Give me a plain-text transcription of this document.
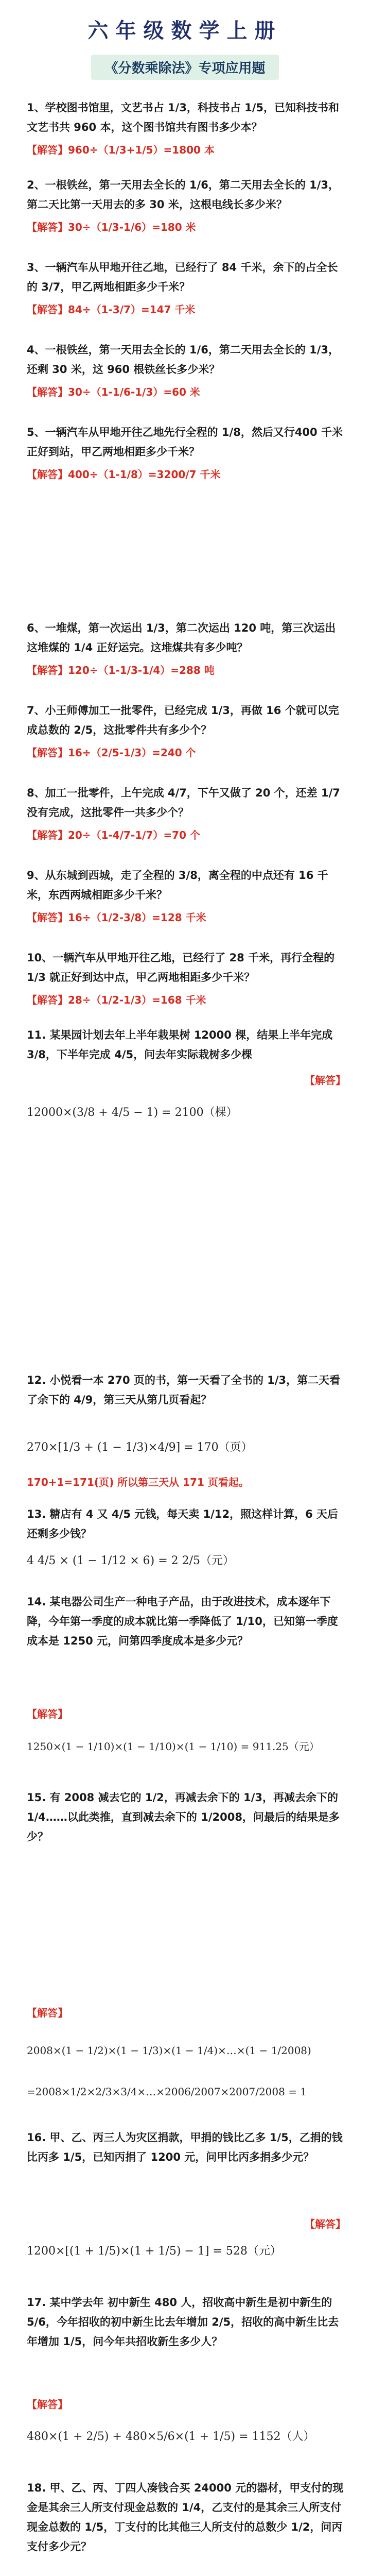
六年级数学上册
《分数乘除法》专项应用题

1、学校图书馆里，文艺书占 1/3，科技书占 1/5，已知科技书和文艺书共 960 本，这个图书馆共有图书多少本？

【解答】960÷（1/3+1/5）=1800 本

2、一根铁丝，第一天用去全长的 1/6，第二天用去全长的 1/3，第二天比第一天用去的多 30 米，这根电线长多少米？

【解答】30÷（1/3-1/6）=180 米

3、一辆汽车从甲地开往乙地，已经行了 84 千米，余下的占全长的 3/7，甲乙两地相距多少千米？

【解答】84÷（1-3/7）=147 千米

4、一根铁丝，第一天用去全长的 1/6，第二天用去全长的 1/3，还剩 30 米，这 960 根铁丝长多少米？

【解答】30÷（1-1/6-1/3）=60 米

5、一辆汽车从甲地开往乙地先行全程的 1/8，然后又行400 千米正好到站，甲乙两地相距多少千米？

【解答】400÷（1-1/8）=3200/7 千米

6、一堆煤，第一次运出 1/3，第二次运出 120 吨，第三次运出这堆煤的 1/4 正好运完。这堆煤共有多少吨？

【解答】120÷（1-1/3-1/4）=288 吨

7、小王师傅加工一批零件，已经完成 1/3，再做 16 个就可以完成总数的 2/5，这批零件共有多少个？

【解答】16÷（2/5-1/3）=240 个

8、加工一批零件，上午完成 4/7，下午又做了 20 个，还差 1/7 没有完成，这批零件一共多少个？

【解答】20÷（1-4/7-1/7）=70 个

9、从东城到西城，走了全程的 3/8，离全程的中点还有 16 千米，东西两城相距多少千米？

【解答】16÷（1/2-3/8）=128 千米

10、一辆汽车从甲地开往乙地，已经行了 28 千米，再行全程的 1/3 就正好到达中点，甲乙两地相距多少千米？

【解答】28÷（1/2-1/3）=168 千米

11. 某果园计划去年上半年栽果树 12000 棵，结果上半年完成 3/8，下半年完成 4/5，问去年实际栽树多少棵

12000×(3/8 + 4/5 − 1) = 2100（棵）
【解答】

12. 小悦看一本 270 页的书，第一天看了全书的 1/3，第二天看了余下的 4/9，第三天从第几页看起？

270×[1/3 + (1 − 1/3)×4/9] = 170（页）

170+1=171(页) 所以第三天从 171 页看起。

13. 糖店有 4 又 4/5 元钱，每天卖 1/12，照这样计算，6 天后还剩多少钱？

4 4/5 × (1 − 1/12 × 6) = 2 2/5（元）

14. 某电器公司生产一种电子产品，由于改进技术，成本逐年下降，今年第一季度的成本就比第一季降低了 1/10，已知第一季度成本是 1250 元，问第四季度成本是多少元？

【解答】

1250×(1 − 1/10)×(1 − 1/10)×(1 − 1/10) = 911.25（元）

15. 有 2008 减去它的 1/2，再减去余下的 1/3，再减去余下的 1/4……以此类推，直到减去余下的 1/2008，问最后的结果是多少？

【解答】

2008×(1 − 1/2)×(1 − 1/3)×(1 − 1/4)×…×(1 − 1/2008)
=2008×1/2×2/3×3/4×…×2006/2007×2007/2008 = 1

16. 甲、乙、丙三人为灾区捐款，甲捐的钱比乙多 1/5，乙捐的钱比丙多 1/5，已知丙捐了 1200 元，问甲比丙多捐多少元？

【解答】

1200×[(1 + 1/5)×(1 + 1/5) − 1] = 528（元）

17. 某中学去年 初中新生 480 人，招收高中新生是初中新生的 5/6，今年招收的初中新生比去年增加 2/5，招收的高中新生比去年增加 1/5，问今年共招收新生多少人？

【解答】

480×(1 + 2/5) + 480×5/6×(1 + 1/5) = 1152（人）

18. 甲、乙、丙、丁四人凑钱合买 24000 元的器材，甲支付的现金是其余三人所支付现金总数的 1/4，乙支付的是其余三人所支付现金总数的 1/5，丁支付的比其他三人所支付的总数少 1/2，问丙支付多少元？
